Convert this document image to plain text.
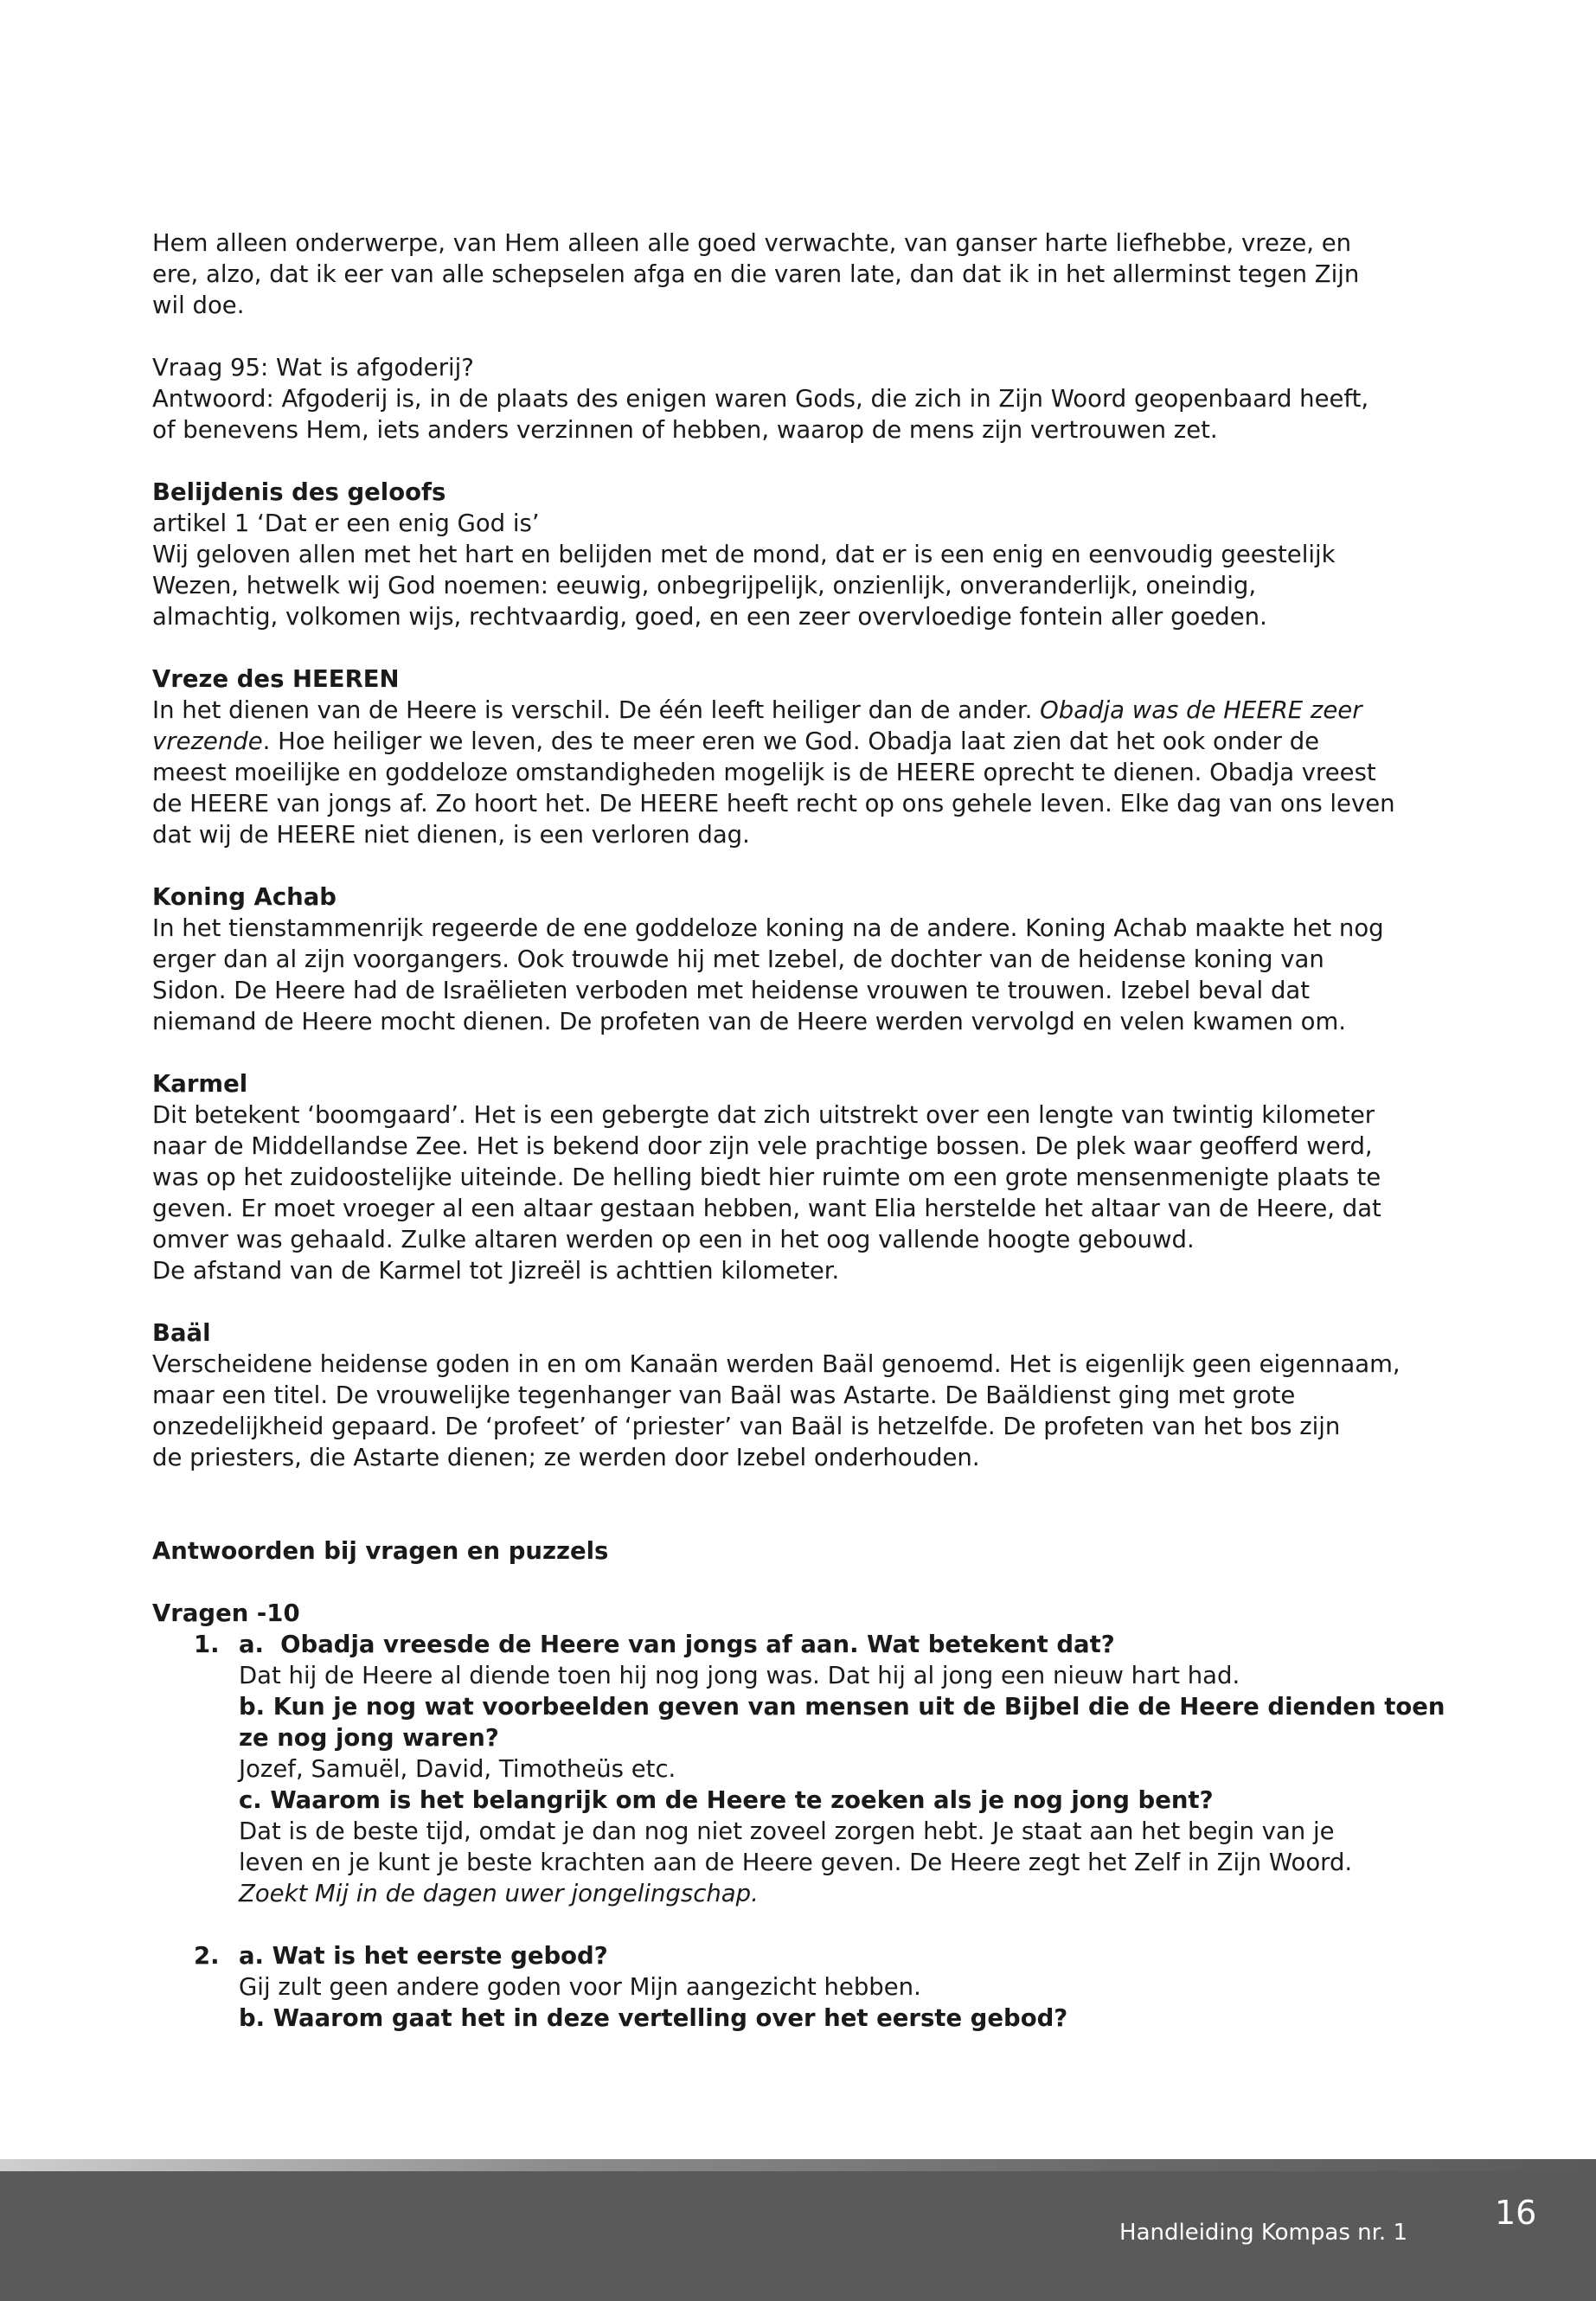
Hem alleen onderwerpe, van Hem alleen alle goed verwachte, van ganser harte liefhebbe, vreze, en

ere, alzo, dat ik eer van alle schepselen afga en die varen late, dan dat ik in het allerminst tegen Zijn

wil doe.

Vraag 95: Wat is afgoderij?

Antwoord: Afgoderij is, in de plaats des enigen waren Gods, die zich in Zijn Woord geopenbaard heeft,

of benevens Hem, iets anders verzinnen of hebben, waarop de mens zijn vertrouwen zet.

Belijdenis des geloofs

artikel 1 ‘Dat er een enig God is’

Wij geloven allen met het hart en belijden met de mond, dat er is een enig en eenvoudig geestelijk

Wezen, hetwelk wij God noemen: eeuwig, onbegrijpelijk, onzienlijk, onveranderlijk, oneindig,

almachtig, volkomen wijs, rechtvaardig, goed, en een zeer overvloedige fontein aller goeden.

Vreze des HEEREN

In het dienen van de Heere is verschil. De één leeft heiliger dan de ander. Obadja was de HEERE zeer

vrezende. Hoe heiliger we leven, des te meer eren we God. Obadja laat zien dat het ook onder de

meest moeilijke en goddeloze omstandigheden mogelijk is de HEERE oprecht te dienen. Obadja vreest

de HEERE van jongs af. Zo hoort het. De HEERE heeft recht op ons gehele leven. Elke dag van ons leven

dat wij de HEERE niet dienen, is een verloren dag.

Koning Achab

In het tienstammenrijk regeerde de ene goddeloze koning na de andere. Koning Achab maakte het nog

erger dan al zijn voorgangers. Ook trouwde hij met Izebel, de dochter van de heidense koning van

Sidon. De Heere had de Israëlieten verboden met heidense vrouwen te trouwen. Izebel beval dat

niemand de Heere mocht dienen. De profeten van de Heere werden vervolgd en velen kwamen om.

Karmel

Dit betekent ‘boomgaard’. Het is een gebergte dat zich uitstrekt over een lengte van twintig kilometer

naar de Middellandse Zee. Het is bekend door zijn vele prachtige bossen. De plek waar geofferd werd,

was op het zuidoostelijke uiteinde. De helling biedt hier ruimte om een grote mensenmenigte plaats te

geven. Er moet vroeger al een altaar gestaan hebben, want Elia herstelde het altaar van de Heere, dat

omver was gehaald. Zulke altaren werden op een in het oog vallende hoogte gebouwd.

De afstand van de Karmel tot Jizreël is achttien kilometer.

Baäl

Verscheidene heidense goden in en om Kanaän werden Baäl genoemd. Het is eigenlijk geen eigennaam,

maar een titel. De vrouwelijke tegenhanger van Baäl was Astarte. De Baäldienst ging met grote

onzedelijkheid gepaard. De ‘profeet’ of ‘priester’ van Baäl is hetzelfde. De profeten van het bos zijn

de priesters, die Astarte dienen; ze werden door Izebel onderhouden.

Antwoorden bij vragen en puzzels

Vragen -10

1. a. Obadja vreesde de Heere van jongs af aan. Wat betekent dat?

Dat hij de Heere al diende toen hij nog jong was. Dat hij al jong een nieuw hart had.

b. Kun je nog wat voorbeelden geven van mensen uit de Bijbel die de Heere dienden toen

ze nog jong waren?

Jozef, Samuël, David, Timotheüs etc.

c. Waarom is het belangrijk om de Heere te zoeken als je nog jong bent?

Dat is de beste tijd, omdat je dan nog niet zoveel zorgen hebt. Je staat aan het begin van je

leven en je kunt je beste krachten aan de Heere geven. De Heere zegt het Zelf in Zijn Woord.

Zoekt Mij in de dagen uwer jongelingschap.

2. a. Wat is het eerste gebod?

Gij zult geen andere goden voor Mijn aangezicht hebben.

b. Waarom gaat het in deze vertelling over het eerste gebod?

Handleiding Kompas nr. 1
16
